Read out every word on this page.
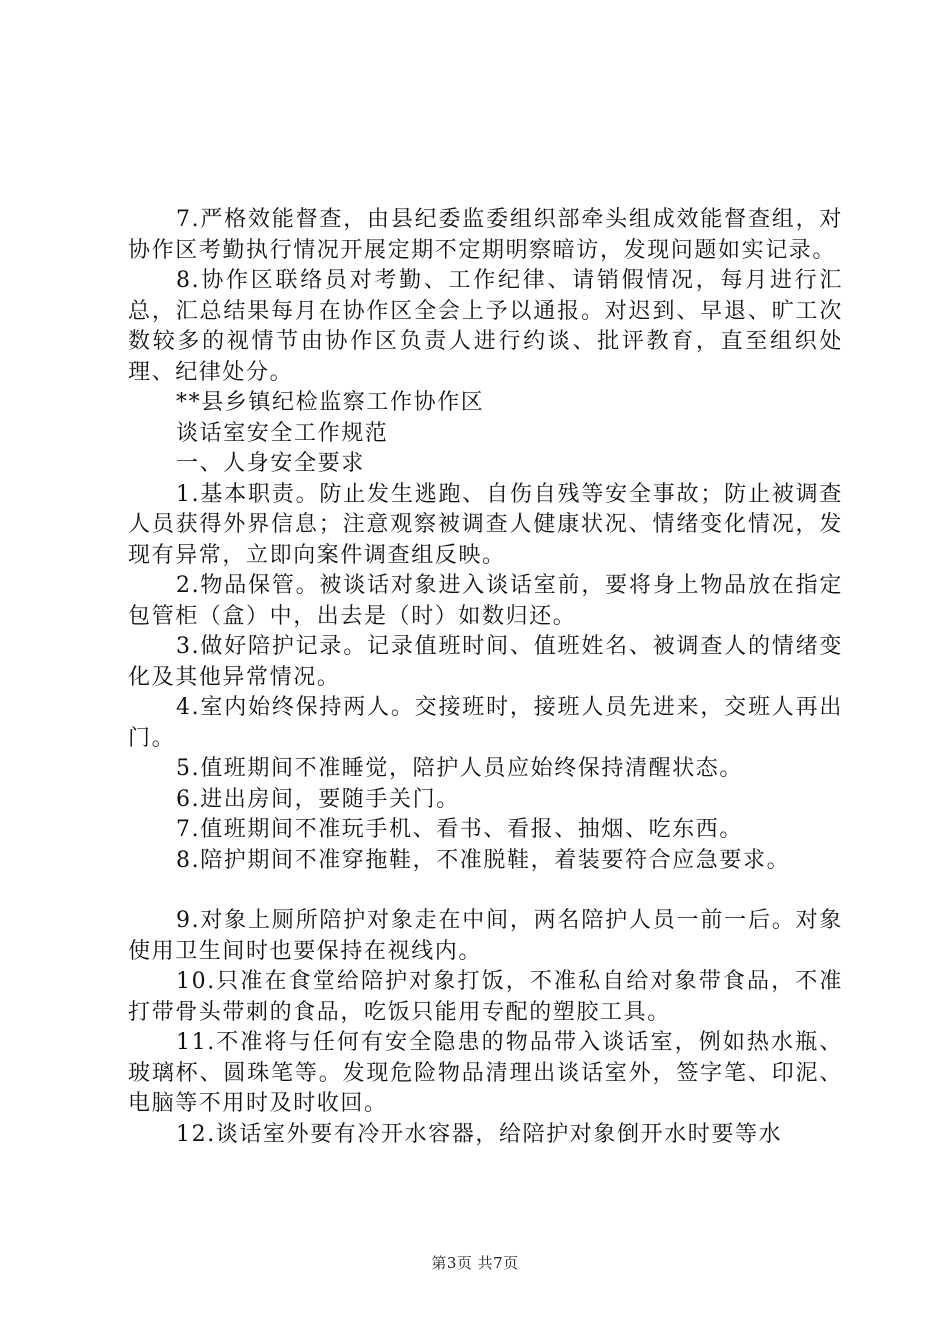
7.严格效能督查，由县纪委监委组织部牵头组成效能督查组，对协作区考勤执行情况开展定期不定期明察暗访，发现问题如实记录。

8.协作区联络员对考勤、工作纪律、请销假情况，每月进行汇总，汇总结果每月在协作区全会上予以通报。对迟到、早退、旷工次数较多的视情节由协作区负责人进行约谈、批评教育，直至组织处理、纪律处分。

**县乡镇纪检监察工作协作区

谈话室安全工作规范

一、人身安全要求

1.基本职责。防止发生逃跑、自伤自残等安全事故；防止被调查人员获得外界信息；注意观察被调查人健康状况、情绪变化情况，发现有异常，立即向案件调查组反映。

2.物品保管。被谈话对象进入谈话室前，要将身上物品放在指定包管柜（盒）中，出去是（时）如数归还。

3.做好陪护记录。记录值班时间、值班姓名、被调查人的情绪变化及其他异常情况。

4.室内始终保持两人。交接班时，接班人员先进来，交班人再出门。

5.值班期间不准睡觉，陪护人员应始终保持清醒状态。

6.进出房间，要随手关门。

7.值班期间不准玩手机、看书、看报、抽烟、吃东西。

8.陪护期间不准穿拖鞋，不准脱鞋，着装要符合应急要求。

9.对象上厕所陪护对象走在中间，两名陪护人员一前一后。对象使用卫生间时也要保持在视线内。

10.只准在食堂给陪护对象打饭，不准私自给对象带食品，不准打带骨头带刺的食品，吃饭只能用专配的塑胶工具。

11.不准将与任何有安全隐患的物品带入谈话室，例如热水瓶、玻璃杯、圆珠笔等。发现危险物品清理出谈话室外，签字笔、印泥、电脑等不用时及时收回。

12.谈话室外要有冷开水容器，给陪护对象倒开水时要等水

第3页 共7页
